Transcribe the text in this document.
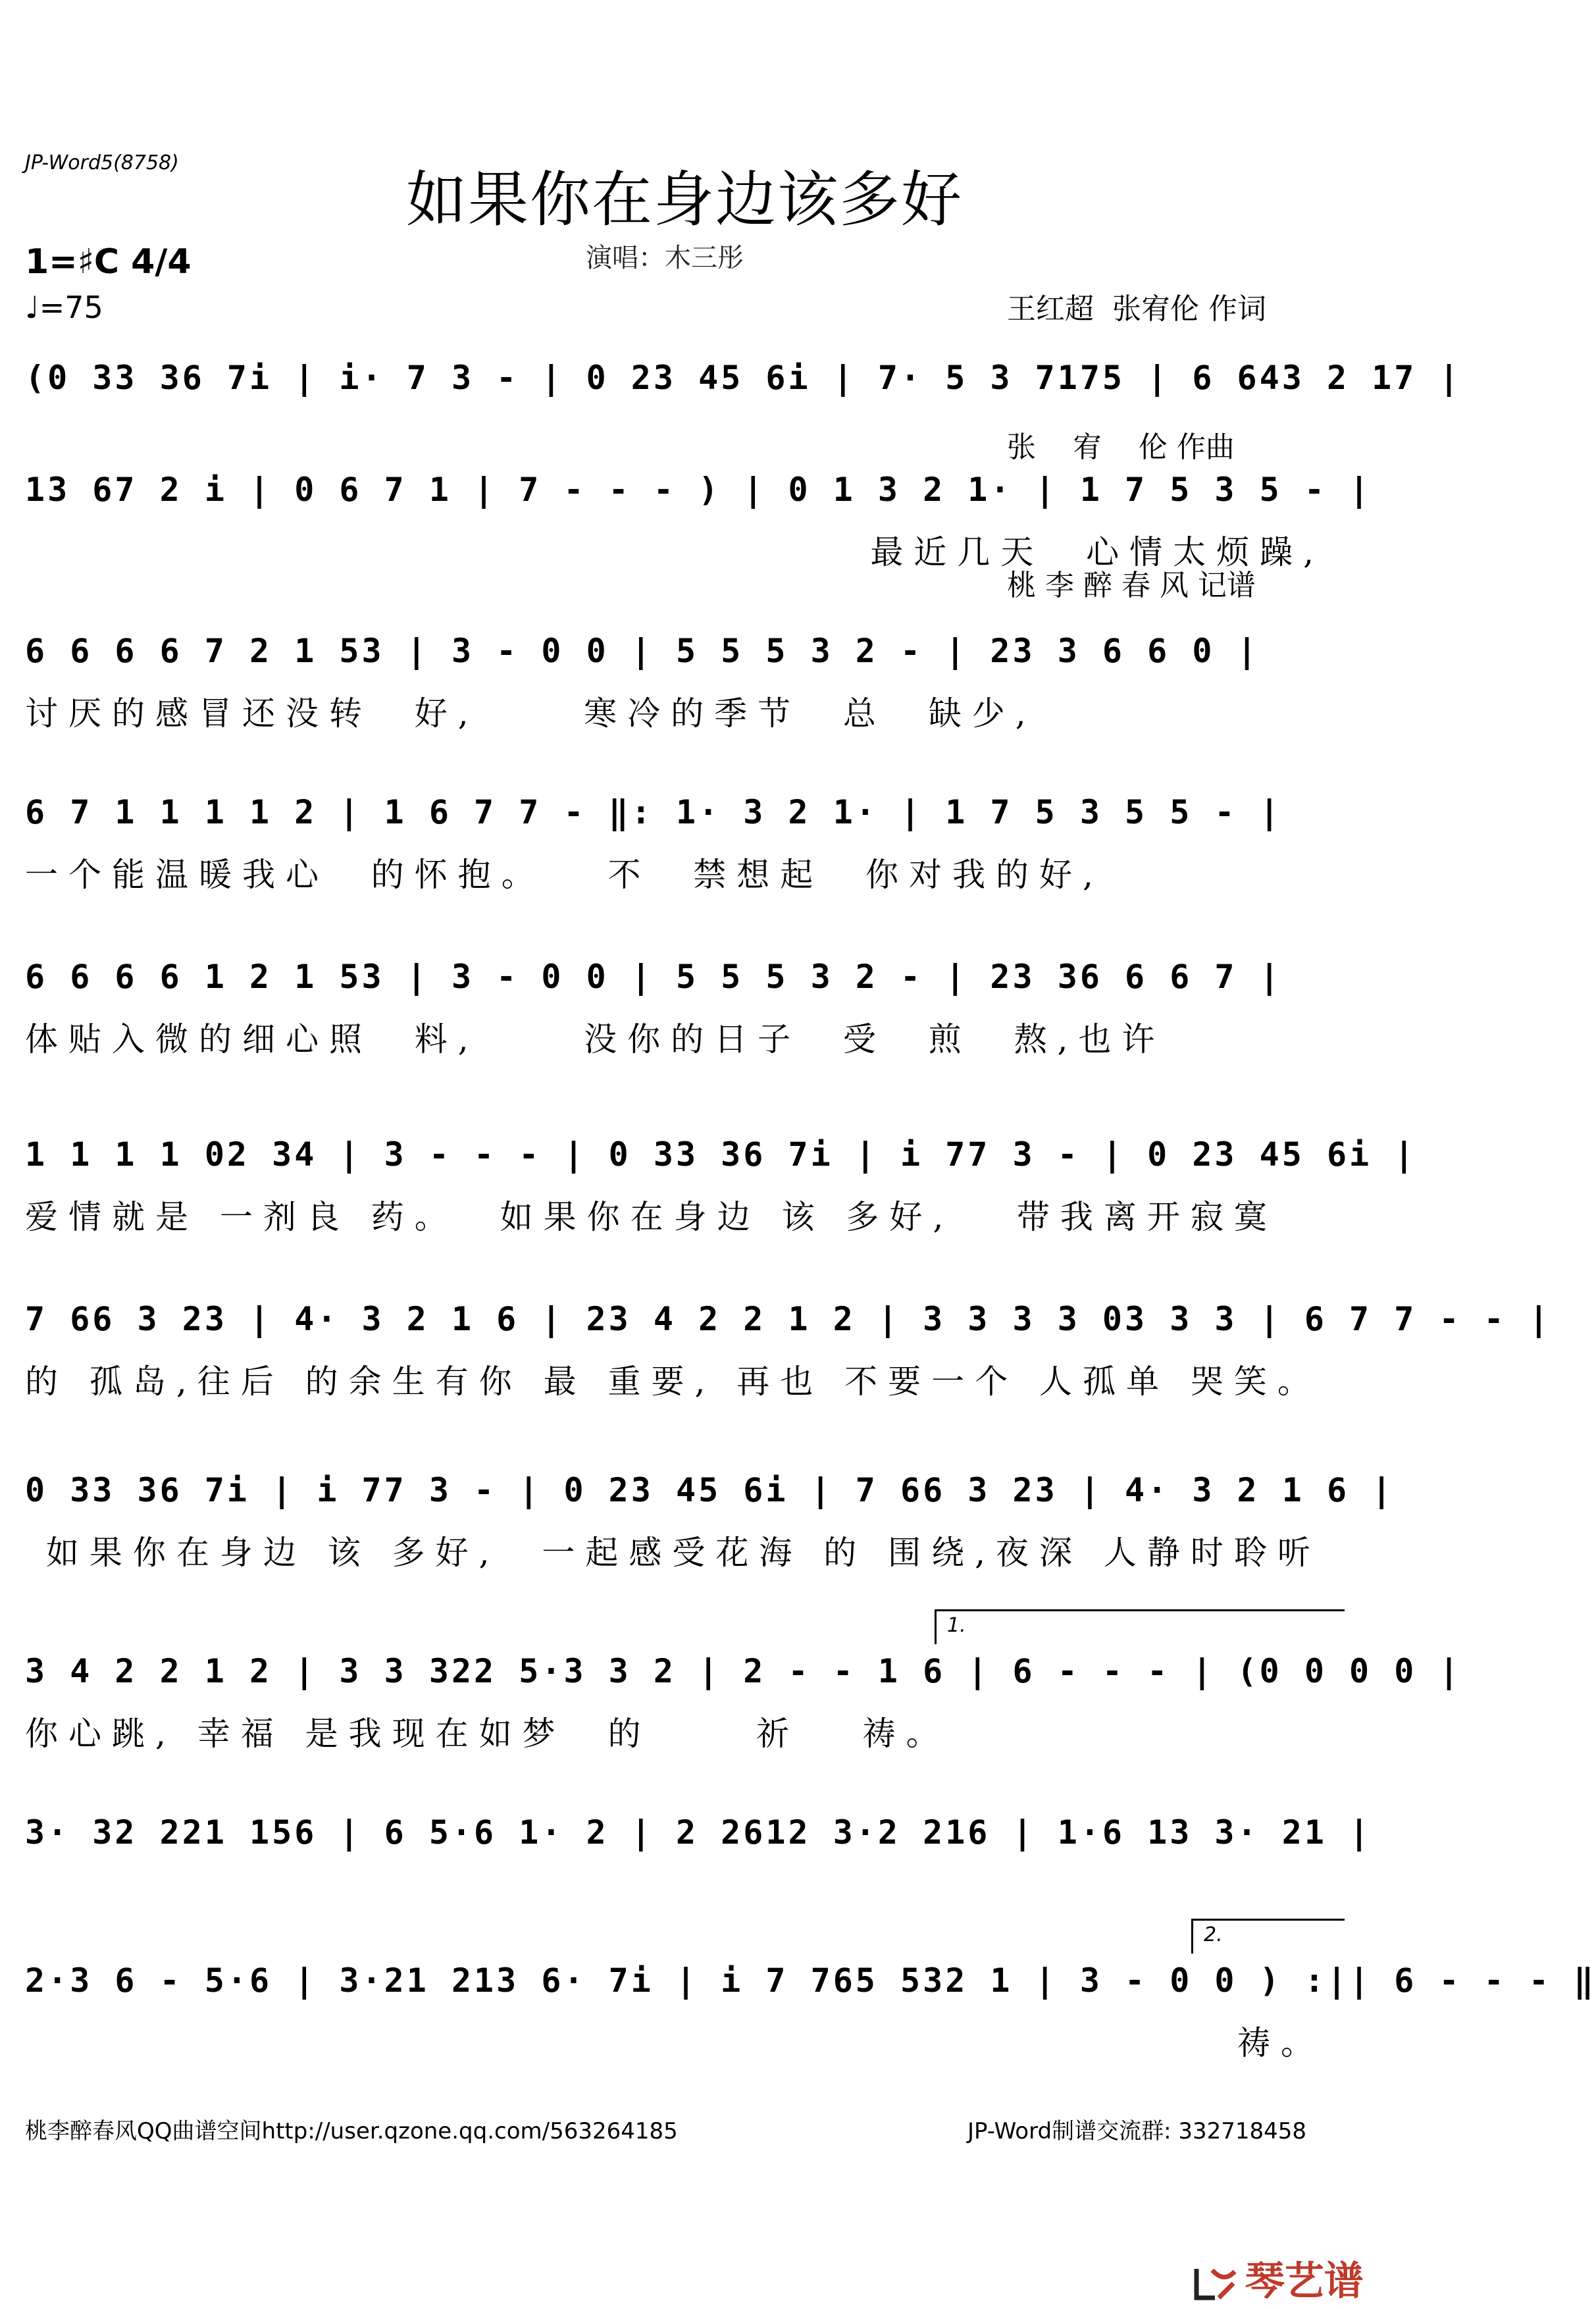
JP-Word5(8758)
如果你在身边该多好

王红超  张宥伦 作词

张    宥    伦 作曲

桃 李 醉 春 风 记谱

演唱：木三彤
1=♯C 4/4
♩=75
(0 33 36 7i | i· 7 3 - | 0 23 45 6i | 7· 5 3 7175 | 6 643 2 17 |
13 67 2 i | 0 6 7 1 | 7 - - - ) | 0 1 3 2 1· | 1 7 5 3 5 - |
最近几天  心情太烦躁,
6 6 6 6 7 2 1 53 | 3 - 0 0 | 5 5 5 3 2 - | 23 3 6 6 0 |
讨厌的感冒还没转  好,     寒冷的季节  总  缺少,
6 7 1 1 1 1 2 | 1 6 7 7 - ‖: 1· 3 2 1· | 1 7 5 3 5 5 - |
一个能温暖我心  的怀抱。   不  禁想起  你对我的好,
6 6 6 6 1 2 1 53 | 3 - 0 0 | 5 5 5 3 2 - | 23 36 6 6 7 |
体贴入微的细心照  料,     没你的日子  受  煎  熬,也许
1 1 1 1 02 34 | 3 - - - | 0 33 36 7i | i 77 3 - | 0 23 45 6i |
爱情就是 一剂良 药。  如果你在身边 该 多好,   带我离开寂寞
7 66 3 23 | 4· 3 2 1 6 | 23 4 2 2 1 2 | 3 3 3 3 03 3 3 | 6 7 7 - - |
的 孤岛,往后 的余生有你 最 重要, 再也 不要一个 人孤单 哭笑。
0 33 36 7i | i 77 3 - | 0 23 45 6i | 7 66 3 23 | 4· 3 2 1 6 |
如果你在身边 该 多好,  一起感受花海 的 围绕,夜深 人静时聆听
1.
3 4 2 2 1 2 | 3 3 322 5·3 3 2 | 2 - - 1 6 | 6 - - - | (0 0 0 0 |
你心跳, 幸福 是我现在如梦  的     祈   祷。
3· 32 221 156 | 6 5·6 1· 2 | 2 2612 3·2 216 | 1·6 13 3· 21 |
2.
2·3 6 - 5·6 | 3·21 213 6· 7i | i 7 765 532 1 | 3 - 0 0 ) :|| 6 - - - ‖
祷。
桃李醉春风QQ曲谱空间http://user.qzone.qq.com/563264185	JP-Word制谱交流群: 332718458

琴艺谱
